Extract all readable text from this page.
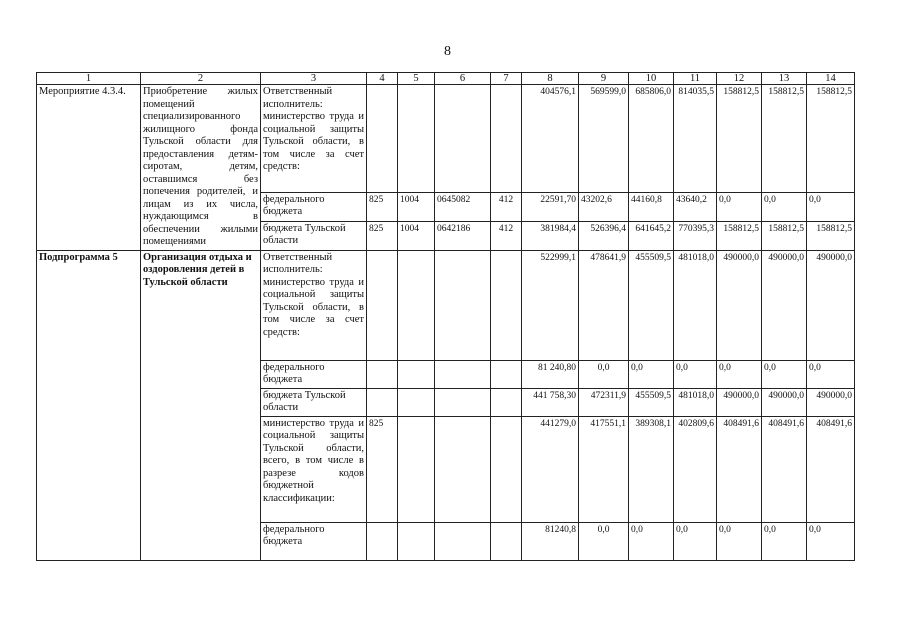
8
1	2	3	4	5	6	7	8	9	10	11	12	13	14
Мероприятие 4.3.4.	Приобретение жилых помещений специализированного жилищного фонда Тульской области для предоставления детям-сиротам, детям, оставшимся без попечения родителей, и лицам из их числа, нуждающимся в обеспечении жилыми помещениями	Ответственный исполнитель: министерство труда и социальной защиты Тульской области, в том числе за счет средств:					404576,1	569599,0	685806,0	814035,5	158812,5	158812,5	158812,5
		федерального бюджета	825	1004	0645082	412	22591,70	43202,6	44160,8	43640,2	0,0	0,0	0,0
		бюджета Тульской области	825	1004	0642186	412	381984,4	526396,4	641645,2	770395,3	158812,5	158812,5	158812,5
Подпрограмма 5	Организация отдыха и оздоровления детей в Тульской области	Ответственный исполнитель: министерство труда и социальной защиты Тульской области, в том числе за счет средств:					522999,1	478641,9	455509,5	481018,0	490000,0	490000,0	490000,0
		федерального бюджета					81 240,80	0,0	0,0	0,0	0,0	0,0	0,0
		бюджета Тульской области					441 758,30	472311,9	455509,5	481018,0	490000,0	490000,0	490000,0
		министерство труда и социальной защиты Тульской области, всего, в том числе в разрезе кодов бюджетной классификации:	825				441279,0	417551,1	389308,1	402809,6	408491,6	408491,6	408491,6
		федерального бюджета					81240,8	0,0	0,0	0,0	0,0	0,0	0,0
